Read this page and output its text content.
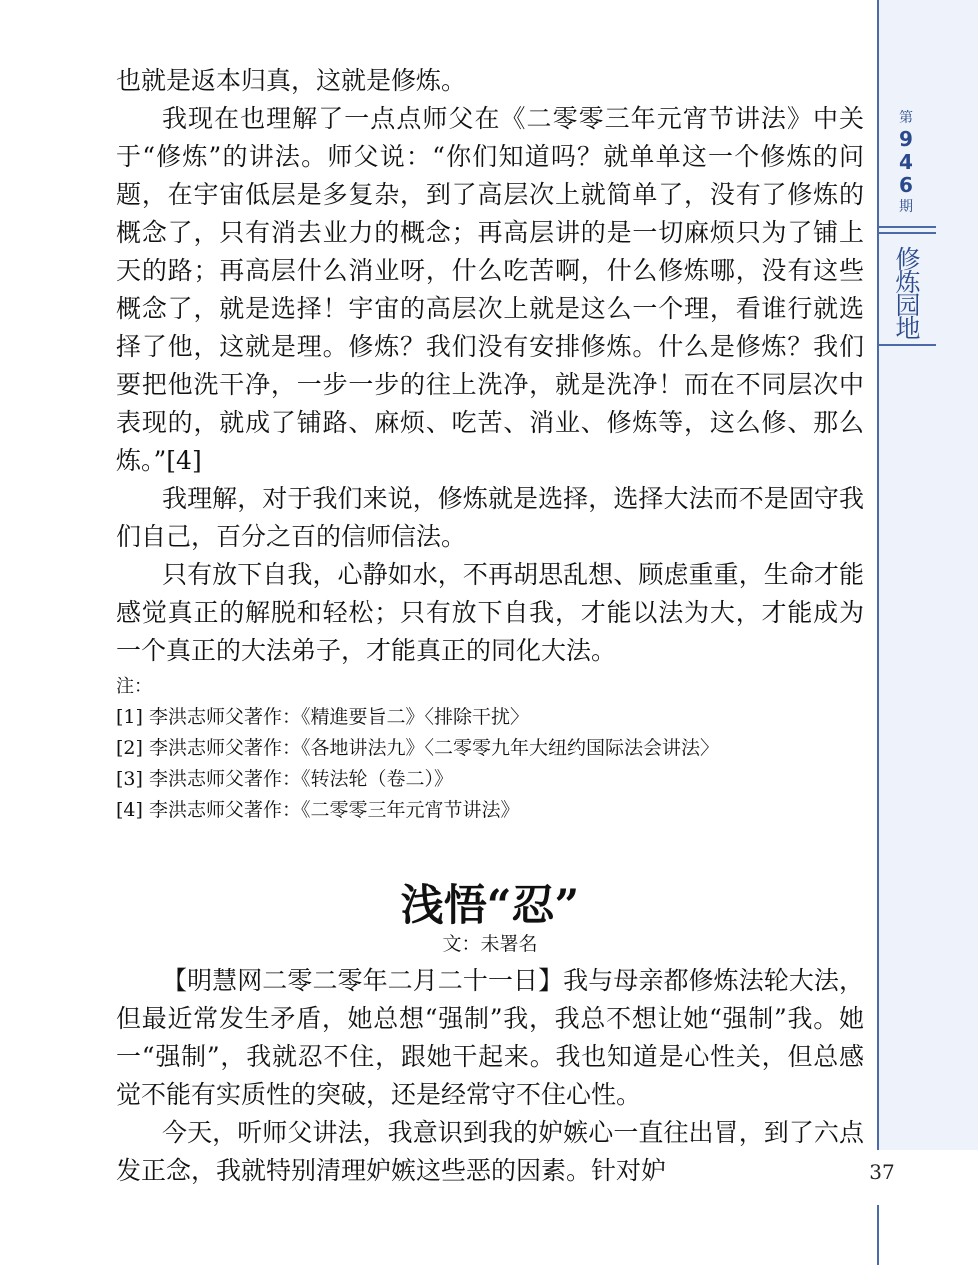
第
9
4
6
期
修炼园地

也就是返本归真，这就是修炼。

我现在也理解了一点点师父在《二零零三年元宵节讲法》中关于“修炼”的讲法。师父说：“你们知道吗？就单单这一个修炼的问题，在宇宙低层是多复杂，到了高层次上就简单了，没有了修炼的概念了，只有消去业力的概念；再高层讲的是一切麻烦只为了铺上天的路；再高层什么消业呀，什么吃苦啊，什么修炼哪，没有这些概念了，就是选择！宇宙的高层次上就是这么一个理，看谁行就选择了他，这就是理。修炼？我们没有安排修炼。什么是修炼？我们要把他洗干净，一步一步的往上洗净，就是洗净！而在不同层次中表现的，就成了铺路、麻烦、吃苦、消业、修炼等，这么修、那么炼。”[4]

我理解，对于我们来说，修炼就是选择，选择大法而不是固守我们自己，百分之百的信师信法。

只有放下自我，心静如水，不再胡思乱想、顾虑重重，生命才能感觉真正的解脱和轻松；只有放下自我，才能以法为大，才能成为一个真正的大法弟子，才能真正的同化大法。

注：

[1] 李洪志师父著作：《精進要旨二》〈排除干扰〉

[2] 李洪志师父著作：《各地讲法九》〈二零零九年大纽约国际法会讲法〉

[3] 李洪志师父著作：《转法轮（卷二）》

[4] 李洪志师父著作：《二零零三年元宵节讲法》

浅悟“忍”

文：未署名

【明慧网二零二零年二月二十一日】我与母亲都修炼法轮大法，但最近常发生矛盾，她总想“强制”我，我总不想让她“强制”我。她一“强制”，我就忍不住，跟她干起来。我也知道是心性关，但总感觉不能有实质性的突破，还是经常守不住心性。

今天，听师父讲法，我意识到我的妒嫉心一直往出冒，到了六点发正念，我就特别清理妒嫉这些恶的因素。针对妒	37
